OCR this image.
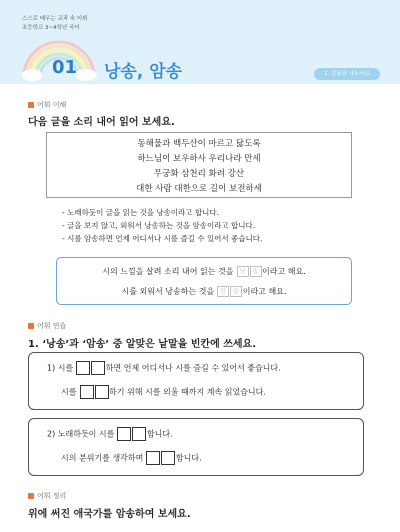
스스로 배우는 교과 속 어휘
초등학교 3~4학년 국어
01 낭송, 암송	1. 감동을 나누어요
어휘 이해
다음 글을 소리 내어 읽어 보세요.
동해물과 백두산이 마르고 닳도록
하느님이 보우하사 우리나라 만세
무궁화 삼천리 화려 강산
대한 사람 대한으로 길이 보전하세
- 노래하듯이 글을 읽는 것을 낭송이라고 합니다.
- 글을 보지 않고, 외워서 낭송하는 것을 암송이라고 합니다.
- 시를 암송하면 언제 어디서나 시를 즐길 수 있어서 좋습니다.
시의 느낌을 살려 소리 내어 읽는 것을 낭 송 이라고 해요.
시를 외워서 낭송하는 것을 암 송 이라고 해요.
어휘 연습
1. ‘낭송’과 ‘암송’ 중 알맞은 낱말을 빈칸에 쓰세요.
1) 시를	하면 언제 어디서나 시를 즐길 수 있어서 좋습니다.
시를	하기 위해 시를 외울 때까지 계속 읽었습니다.
2) 노래하듯이 시를	합니다.
시의 분위기를 생각하며	합니다.
어휘 정리
위에 써진 애국가를 암송하여 보세요.
